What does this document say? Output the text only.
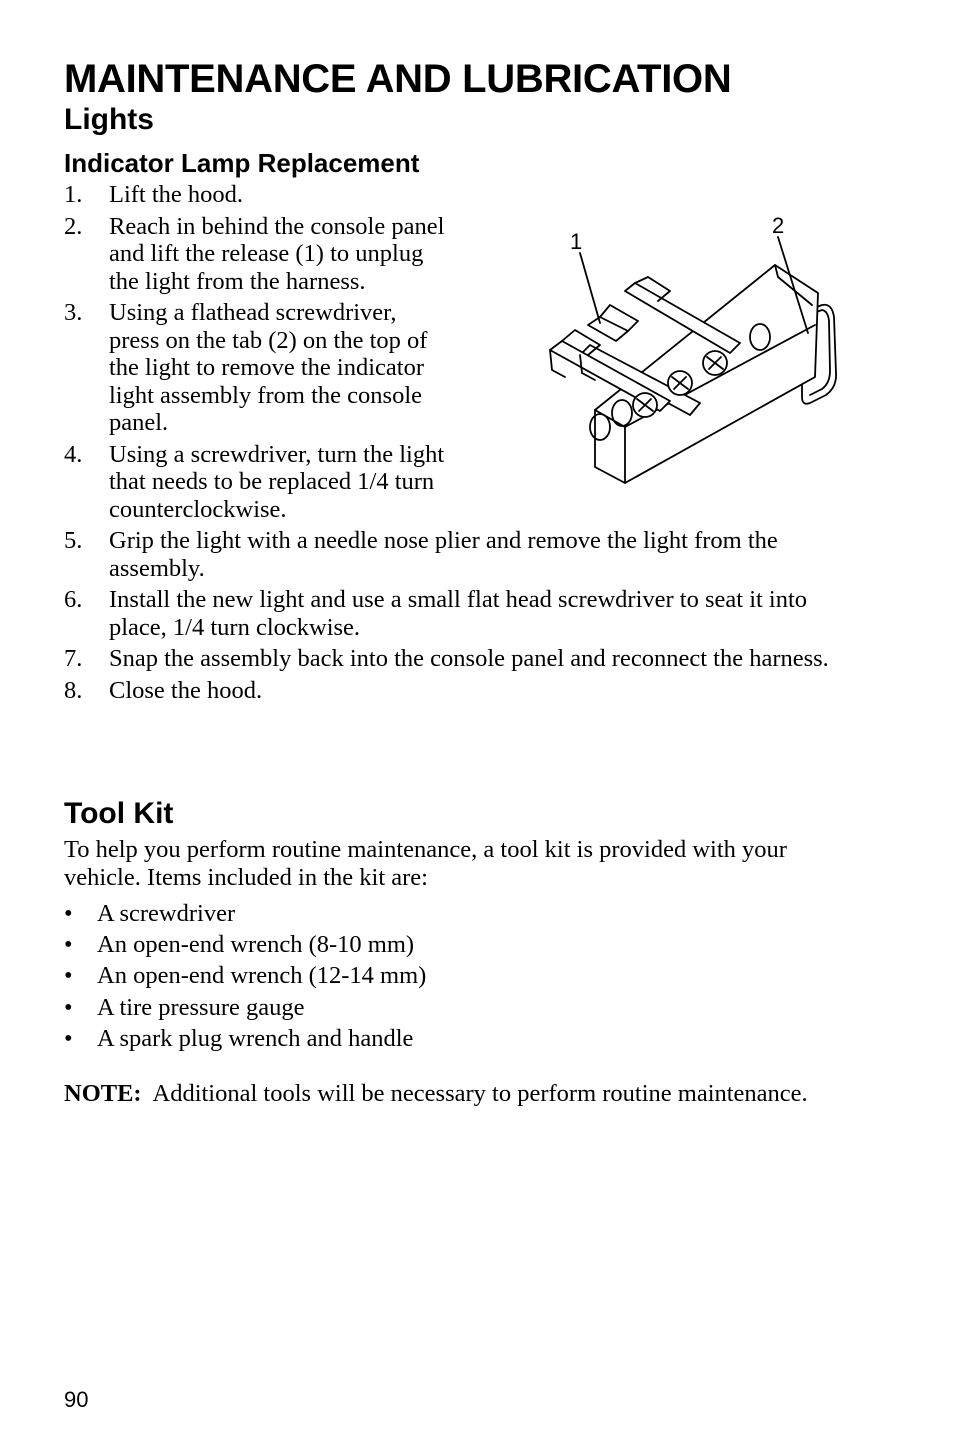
MAINTENANCE AND LUBRICATION
Lights
Indicator Lamp Replacement
1. Lift the hood.
2. Reach in behind the console panel and lift the release (1) to unplug the light from the harness.
3. Using a flathead screwdriver, press on the tab (2) on the top of the light to remove the indicator light assembly from the console panel.
4. Using a screwdriver, turn the light that needs to be replaced 1/4 turn counterclockwise.
5. Grip the light with a needle nose plier and remove the light from the assembly.
6. Install the new light and use a small flat head screwdriver to seat it into place, 1/4 turn clockwise.
7. Snap the assembly back into the console panel and reconnect the harness.
8. Close the hood.
1
2
Tool Kit

To help you perform routine maintenance, a tool kit is provided with your vehicle. Items included in the kit are:

• A screwdriver
• An open-end wrench (8-10 mm)
• An open-end wrench (12-14 mm)
• A tire pressure gauge
• A spark plug wrench and handle

NOTE: Additional tools will be necessary to perform routine maintenance.

90
